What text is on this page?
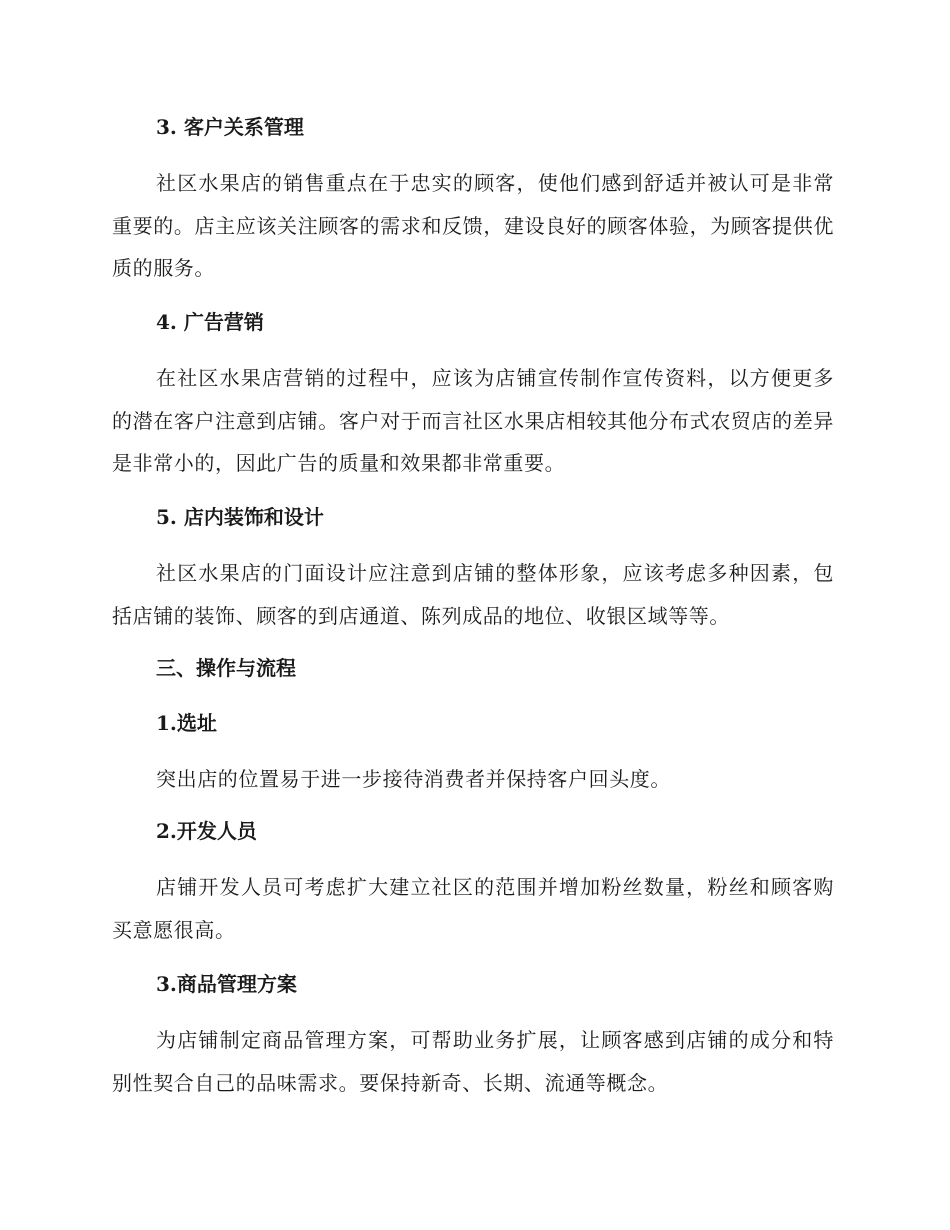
3. 客户关系管理
社区水果店的销售重点在于忠实的顾客，使他们感到舒适并被认可是非常重要的。店主应该关注顾客的需求和反馈，建设良好的顾客体验，为顾客提供优质的服务。
4. 广告营销
在社区水果店营销的过程中，应该为店铺宣传制作宣传资料，以方便更多的潜在客户注意到店铺。客户对于而言社区水果店相较其他分布式农贸店的差异是非常小的，因此广告的质量和效果都非常重要。
5. 店内装饰和设计
社区水果店的门面设计应注意到店铺的整体形象，应该考虑多种因素，包括店铺的装饰、顾客的到店通道、陈列成品的地位、收银区域等等。
三、操作与流程
1.选址
突出店的位置易于进一步接待消费者并保持客户回头度。
2.开发人员
店铺开发人员可考虑扩大建立社区的范围并增加粉丝数量，粉丝和顾客购买意愿很高。
3.商品管理方案
为店铺制定商品管理方案，可帮助业务扩展，让顾客感到店铺的成分和特别性契合自己的品味需求。要保持新奇、长期、流通等概念。
